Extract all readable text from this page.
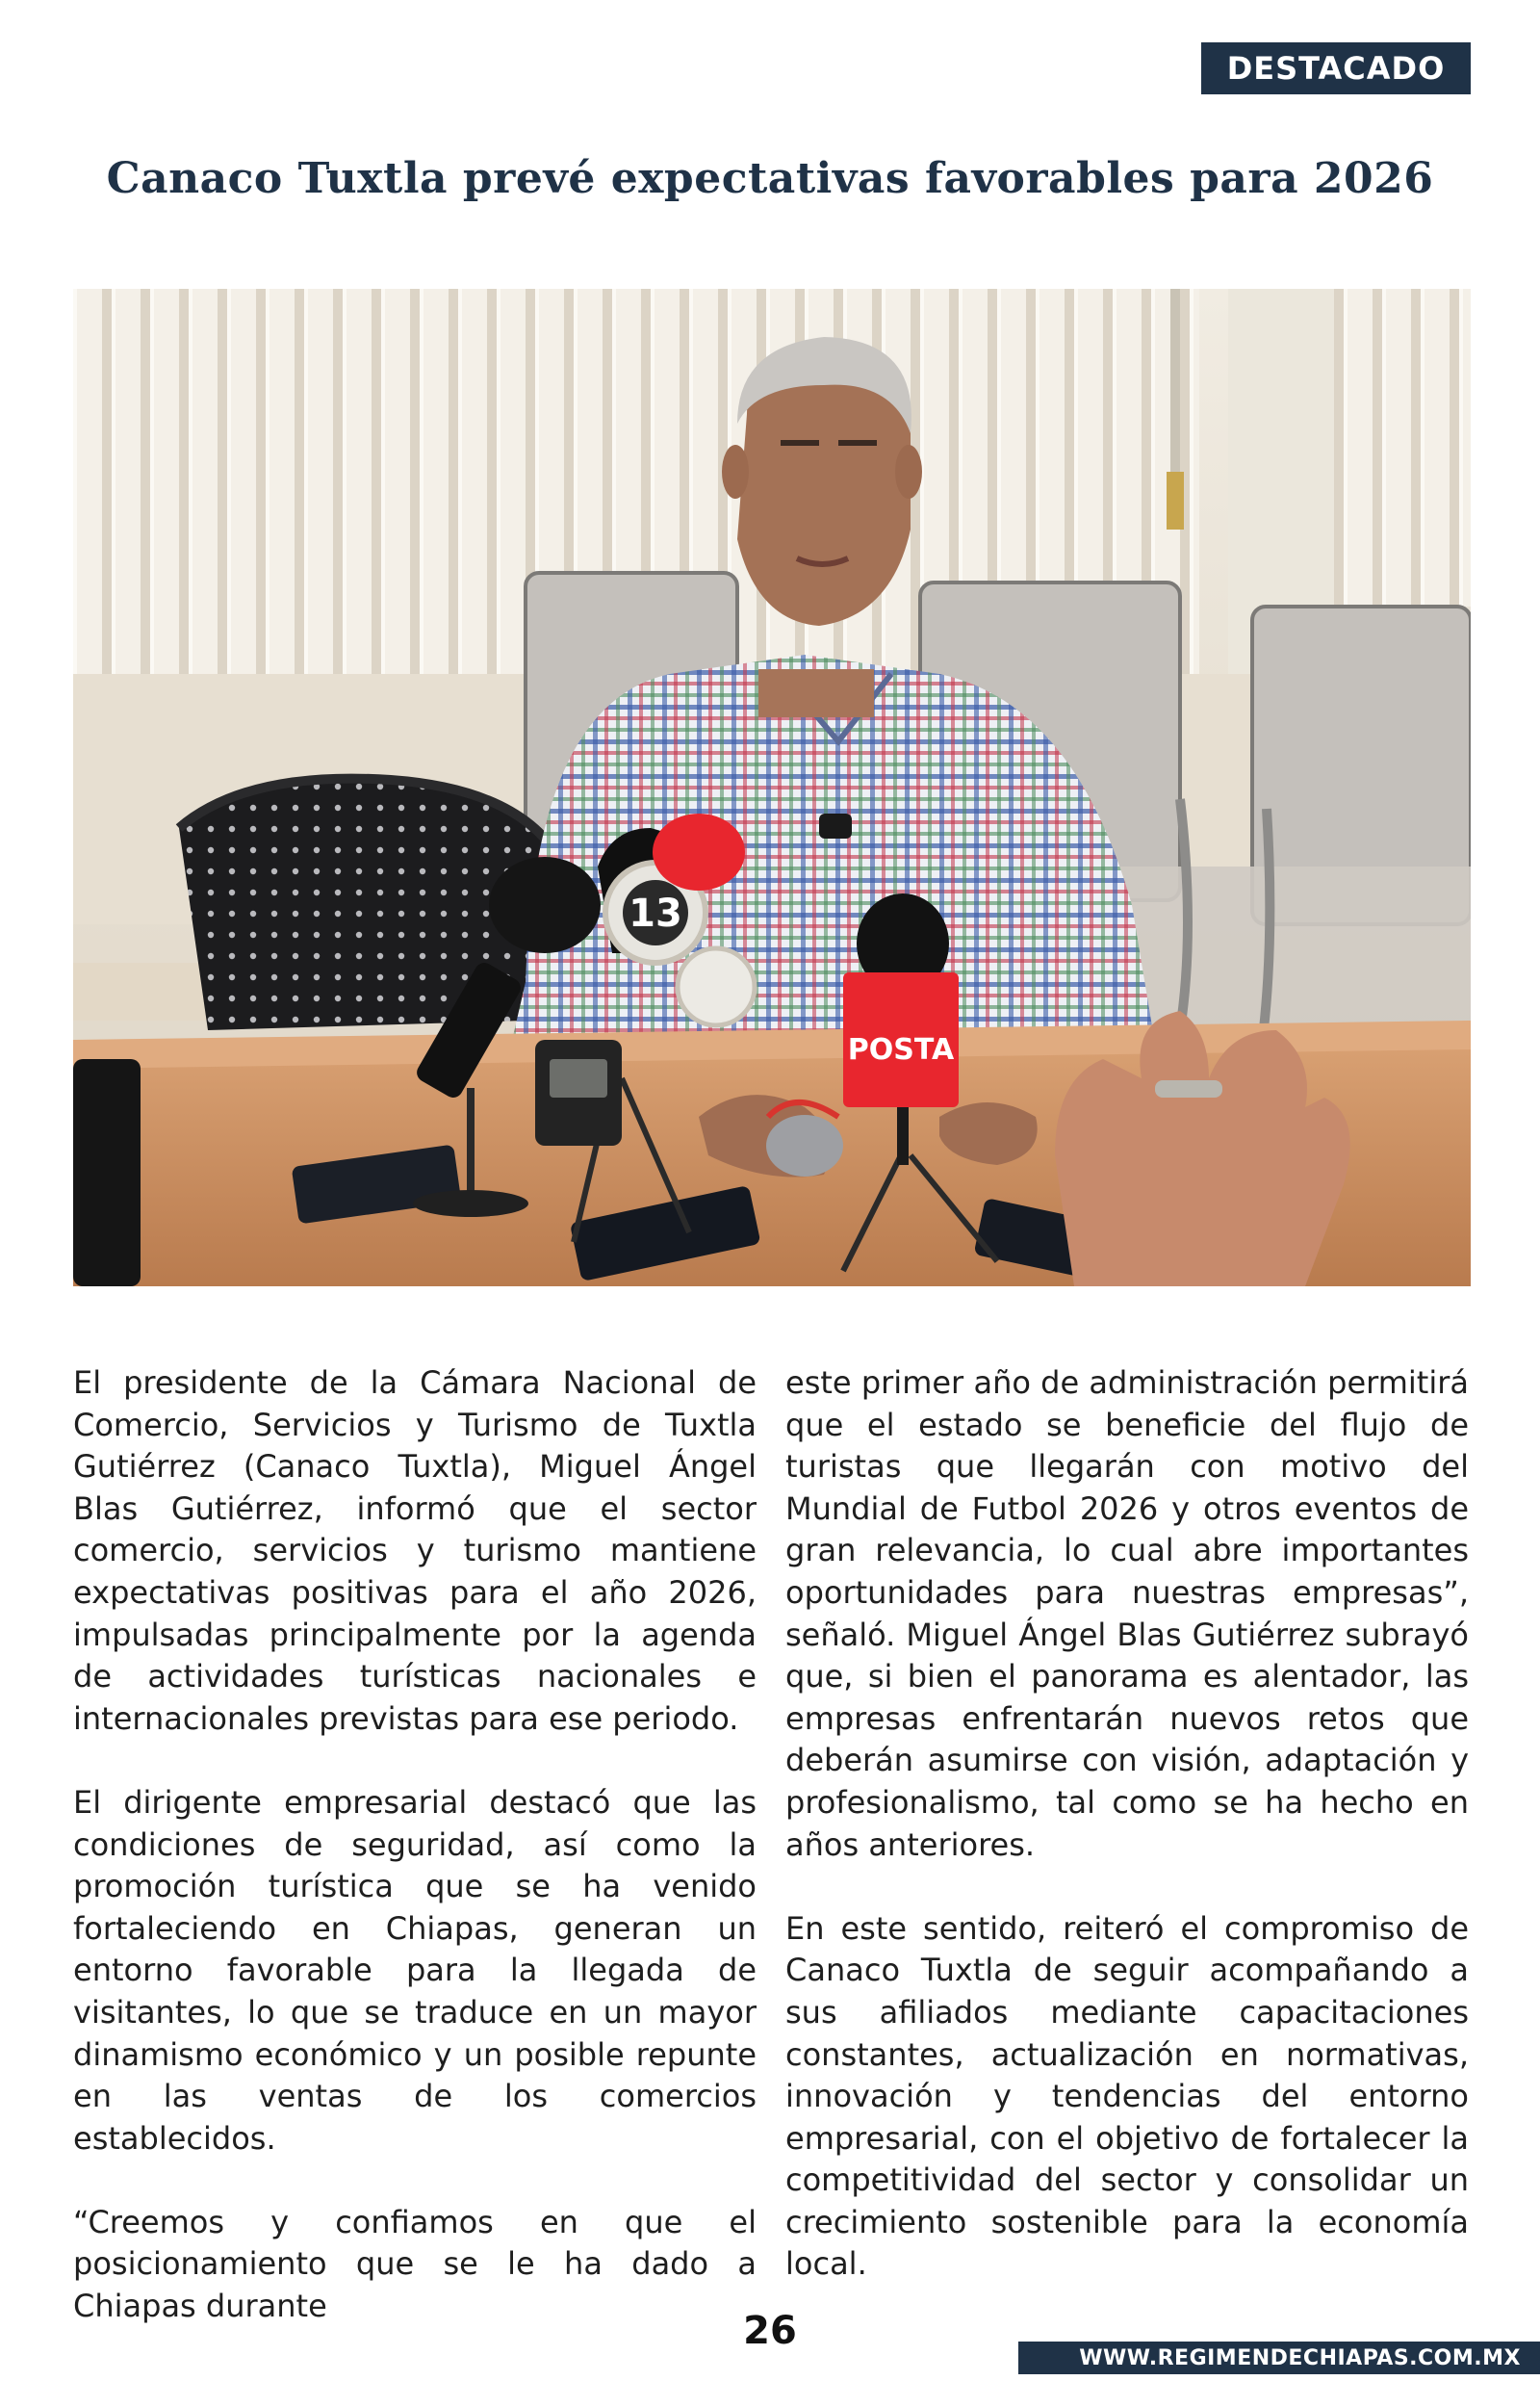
DESTACADO
Canaco Tuxtla prevé expectativas favorables para 2026
13
POSTA

El presidente de la Cámara Nacional de Comercio, Servicios y Turismo de Tuxtla Gutiérrez (Canaco Tuxtla), Miguel Ángel Blas Gutiérrez, informó que el sector comercio, servicios y turismo mantiene expectativas positivas para el año 2026, impulsadas principalmente por la agenda de actividades turísticas nacionales e internacionales previstas para ese periodo.

El dirigente empresarial destacó que las condiciones de seguridad, así como la promoción turística que se ha venido fortaleciendo en Chiapas, generan un entorno favorable para la llegada de visitantes, lo que se traduce en un mayor dinamismo económico y un posible repunte en las ventas de los comercios establecidos.

“Creemos y confiamos en que el posicionamiento que se le ha dado a Chiapas durante

este primer año de administración permitirá que el estado se beneficie del flujo de turistas que llegarán con motivo del Mundial de Futbol 2026 y otros eventos de gran relevancia, lo cual abre importantes oportunidades para nuestras empresas”, señaló. Miguel Ángel Blas Gutiérrez subrayó que, si bien el panorama es alentador, las empresas enfrentarán nuevos retos que deberán asumirse con visión, adaptación y profesionalismo, tal como se ha hecho en años anteriores.

En este sentido, reiteró el compromiso de Canaco Tuxtla de seguir acompañando a sus afiliados mediante capacitaciones constantes, actualización en normativas, innovación y tendencias del entorno empresarial, con el objetivo de fortalecer la competitividad del sector y consolidar un crecimiento sostenible para la economía local.

26
WWW.REGIMENDECHIAPAS.COM.MX
